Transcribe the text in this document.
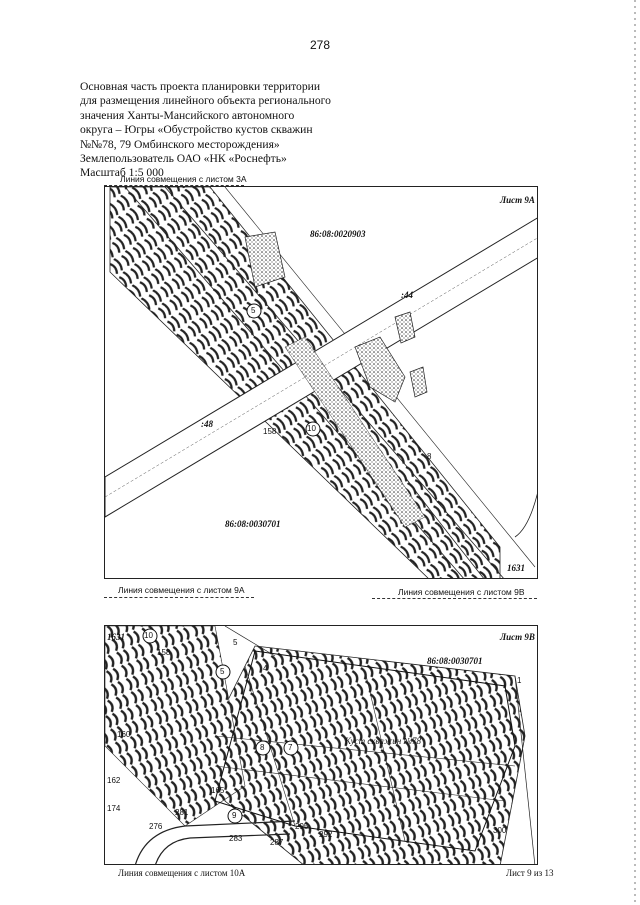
278
Основная часть проекта планировки территории
для размещения линейного объекта регионального
значения Ханты-Мансийского автономного
округа – Югры «Обустройство кустов скважин
№№78, 79 Омбинского месторождения»
Землепользователь ОАО «НК «Роснефть»
Масштаб 1:5 000
Линия совмещения с листом 3А
Лист 9А
86:08:0020903
86:08:0030701
:44
:48
158
1631
8
5
10
Линия совмещения с листом 9А	Линия совмещения с листом 9В
Лист 9В
86:08:0030701
Куст скважин №78
1631 10
5
8	7
9
158
160
162
174
276
281
283	287
292
295	300
165
4
5
1
Линия совмещения с листом 10А	Лист 9 из 13
